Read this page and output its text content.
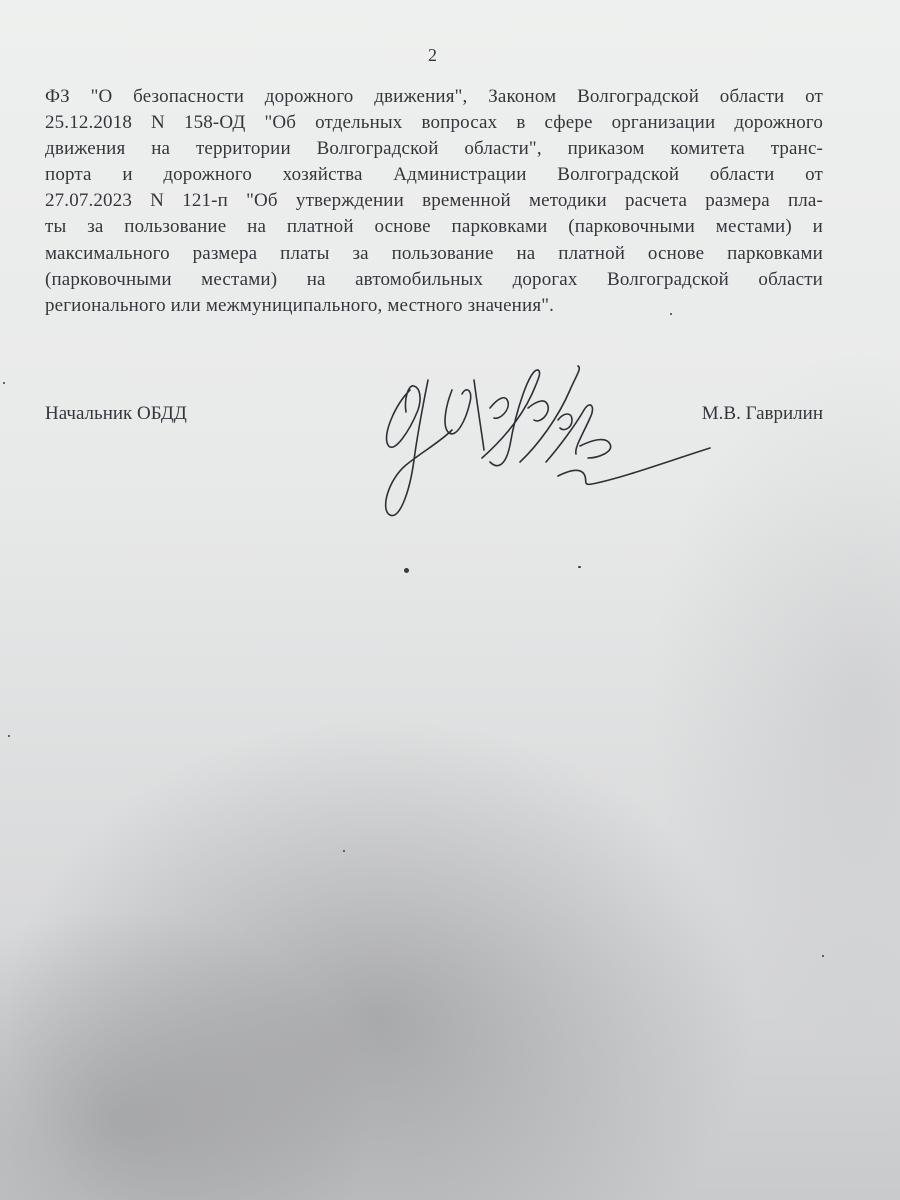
2

ФЗ "О безопасности дорожного движения", Законом Волгоградской области от
25.12.2018 N 158-ОД "Об отдельных вопросах в сфере организации дорожного
движения на территории Волгоградской области", приказом комитета транс-
порта и дорожного хозяйства Администрации Волгоградской области от
27.07.2023 N 121-п "Об утверждении временной методики расчета размера пла-
ты за пользование на платной основе парковками (парковочными местами) и
максимального размера платы за пользование на платной основе парковками
(парковочными местами) на автомобильных дорогах Волгоградской области
регионального или межмуниципального, местного значения".

Начальник ОБДД	М.В. Гаврилин
